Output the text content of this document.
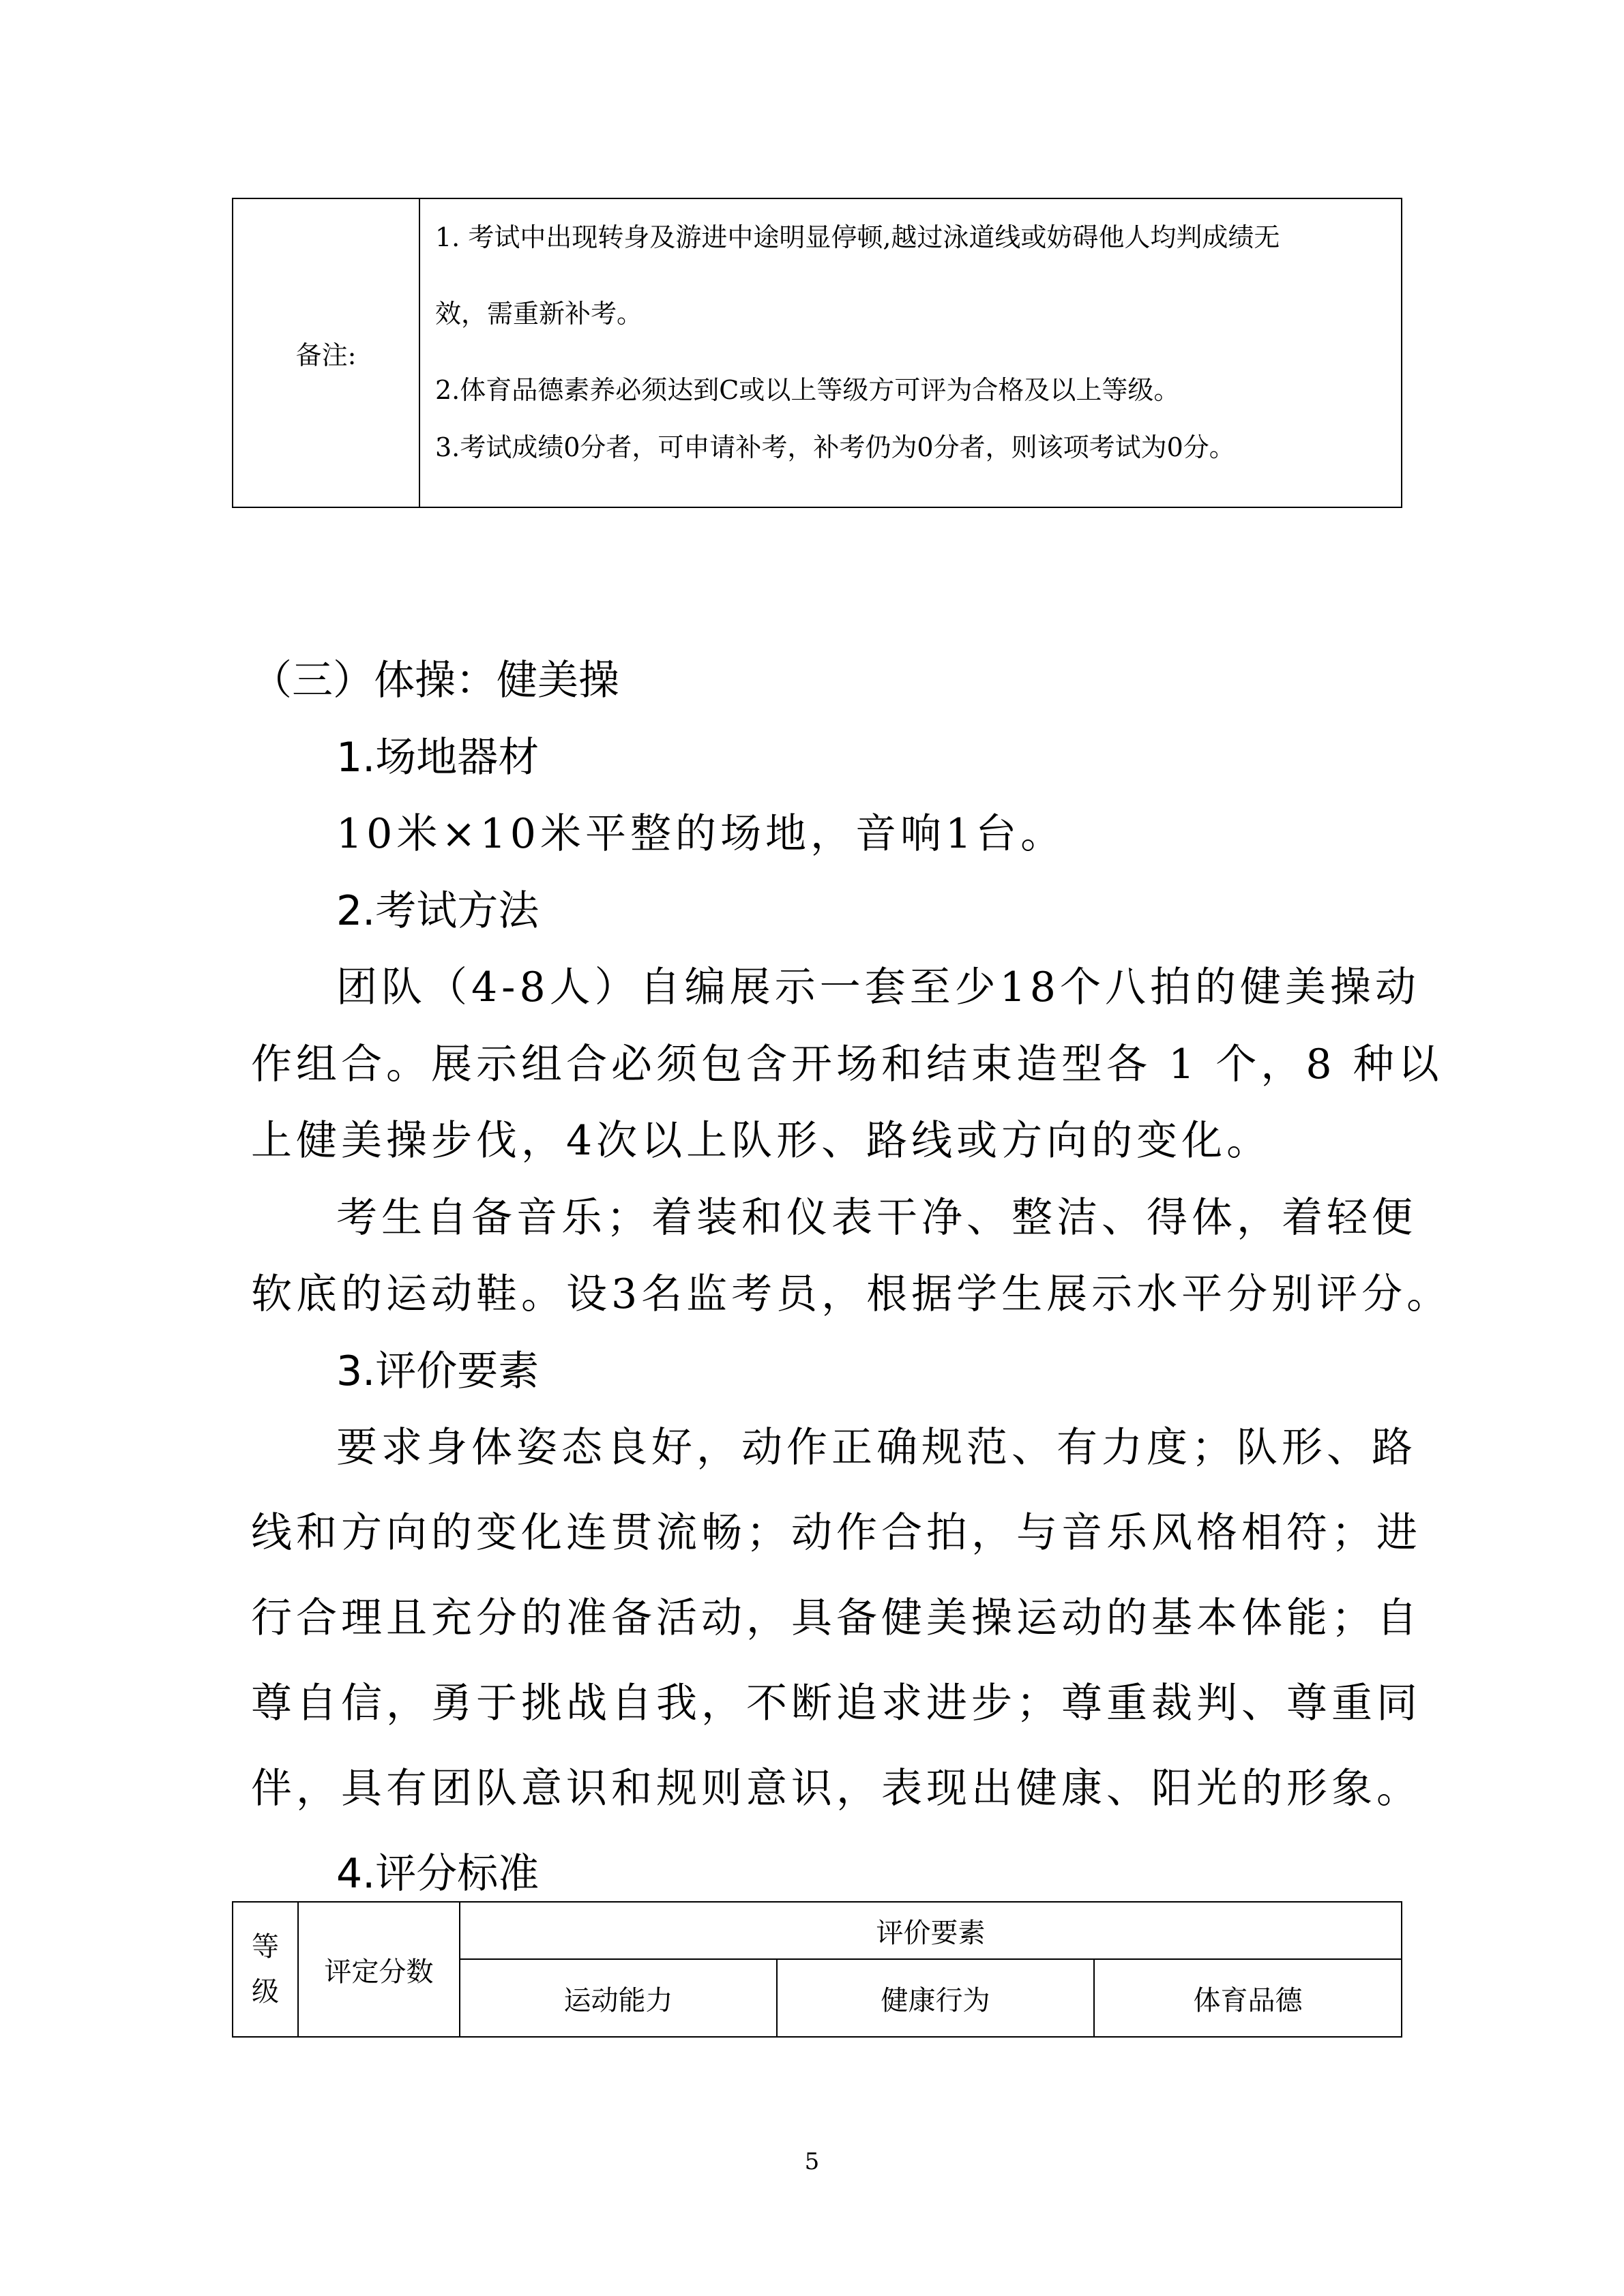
备注:	
1. 考试中出现转身及游进中途明显停顿,越过泳道线或妨碍他人均判成绩无
效，需重新补考。
2.体育品德素养必须达到C或以上等级方可评为合格及以上等级。
3.考试成绩0分者，可申请补考，补考仍为0分者，则该项考试为0分。
（三）体操：健美操
1.场地器材
10米×10米平整的场地，音响1台。
2.考试方法
团队（4-8人）自编展示一套至少18个八拍的健美操动
作组合。展示组合必须包含开场和结束造型各 1 个，8 种以
上健美操步伐，4次以上队形、路线或方向的变化。
考生自备音乐；着装和仪表干净、整洁、得体，着轻便
软底的运动鞋。设3名监考员，根据学生展示水平分别评分。
3.评价要素
要求身体姿态良好，动作正确规范、有力度；队形、路
线和方向的变化连贯流畅；动作合拍，与音乐风格相符；进
行合理且充分的准备活动，具备健美操运动的基本体能；自
尊自信，勇于挑战自我，不断追求进步；尊重裁判、尊重同
伴，具有团队意识和规则意识，表现出健康、阳光的形象。
4.评分标准
等级	评定分数	评价要素		
		运动能力	健康行为	体育品德
5
